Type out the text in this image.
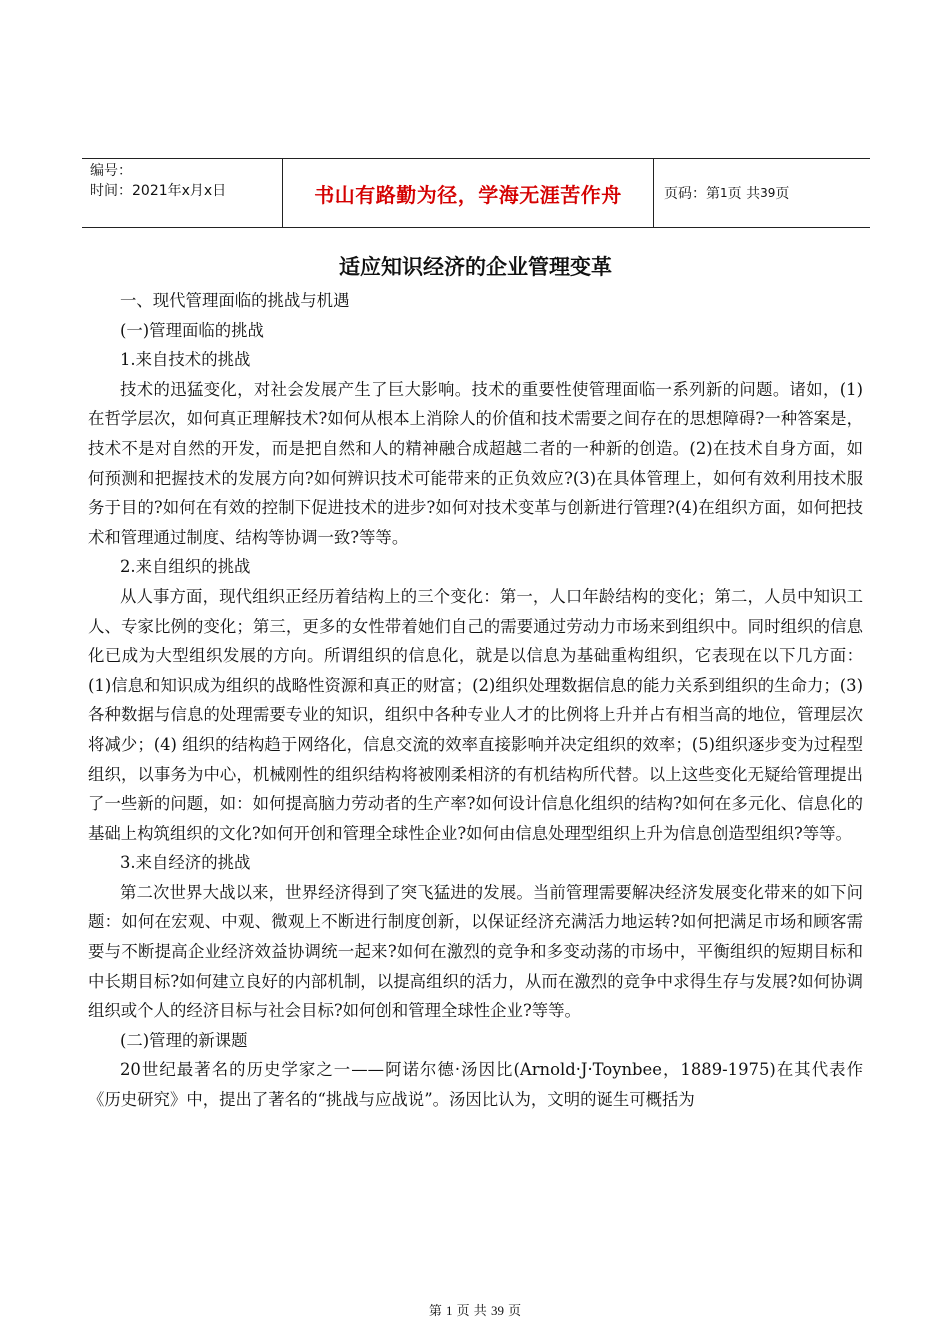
编号：
时间：2021年x月x日	书山有路勤为径，学海无涯苦作舟	页码：第 1 页 共 39 页
适应知识经济的企业管理变革

一、现代管理面临的挑战与机遇

(一)管理面临的挑战

1.来自技术的挑战

技术的迅猛变化，对社会发展产生了巨大影响。技术的重要性使管理面临一系列新的问题。诸如，(1)在哲学层次，如何真正理解技术?如何从根本上消除人的价值和技术需要之间存在的思想障碍?一种答案是，技术不是对自然的开发，而是把自然和人的精神融合成超越二者的一种新的创造。(2)在技术自身方面，如何预测和把握技术的发展方向?如何辨识技术可能带来的正负效应?(3)在具体管理上，如何有效利用技术服务于目的?如何在有效的控制下促进技术的进步?如何对技术变革与创新进行管理?(4)在组织方面，如何把技术和管理通过制度、结构等协调一致?等等。

2.来自组织的挑战

从人事方面，现代组织正经历着结构上的三个变化：第一，人口年龄结构的变化；第二，人员中知识工人、专家比例的变化；第三，更多的女性带着她们自己的需要通过劳动力市场来到组织中。同时组织的信息化已成为大型组织发展的方向。所谓组织的信息化，就是以信息为基础重构组织，它表现在以下几方面：(1)信息和知识成为组织的战略性资源和真正的财富；(2)组织处理数据信息的能力关系到组织的生命力；(3)各种数据与信息的处理需要专业的知识，组织中各种专业人才的比例将上升并占有相当高的地位，管理层次将减少；(4) 组织的结构趋于网络化，信息交流的效率直接影响并决定组织的效率；(5)组织逐步变为过程型组织，以事务为中心，机械刚性的组织结构将被刚柔相济的有机结构所代替。以上这些变化无疑给管理提出了一些新的问题，如：如何提高脑力劳动者的生产率?如何设计信息化组织的结构?如何在多元化、信息化的基础上构筑组织的文化?如何开创和管理全球性企业?如何由信息处理型组织上升为信息创造型组织?等等。

3.来自经济的挑战

第二次世界大战以来，世界经济得到了突飞猛进的发展。当前管理需要解决经济发展变化带来的如下问题：如何在宏观、中观、微观上不断进行制度创新，以保证经济充满活力地运转?如何把满足市场和顾客需要与不断提高企业经济效益协调统一起来?如何在激烈的竞争和多变动荡的市场中，平衡组织的短期目标和中长期目标?如何建立良好的内部机制，以提高组织的活力，从而在激烈的竞争中求得生存与发展?如何协调组织或个人的经济目标与社会目标?如何创和管理全球性企业?等等。

(二)管理的新课题

20世纪最著名的历史学家之一——阿诺尔德·汤因比(Arnold·J·Toynbee，1889-1975)在其代表作《历史研究》中，提出了著名的“挑战与应战说”。汤因比认为，文明的诞生可概括为

第 1 页 共 39 页
